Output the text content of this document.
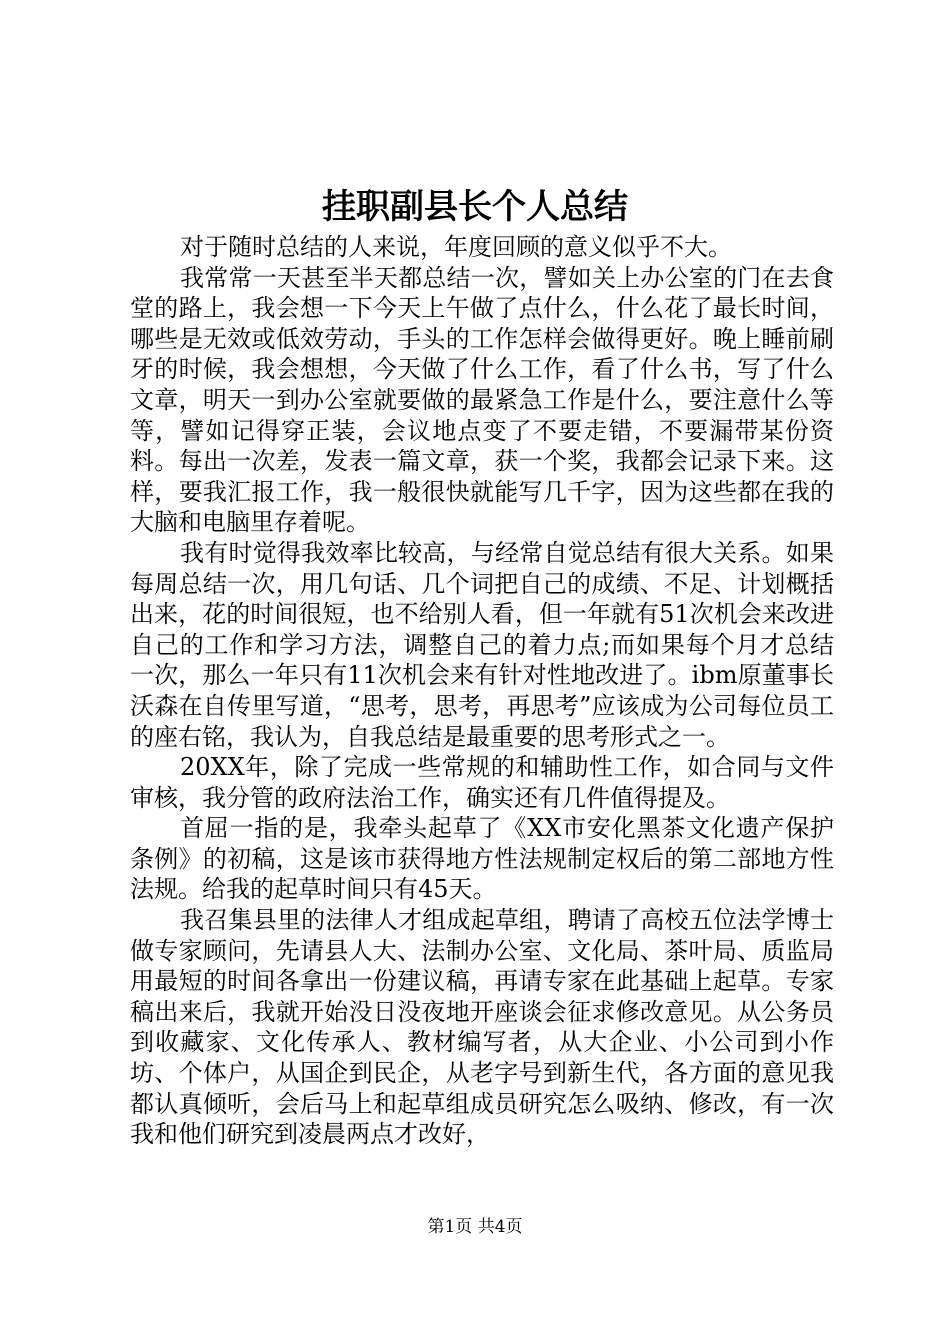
挂职副县长个人总结

对于随时总结的人来说，年度回顾的意义似乎不大。

我常常一天甚至半天都总结一次，譬如关上办公室的门在去食堂的路上，我会想一下今天上午做了点什么，什么花了最长时间，哪些是无效或低效劳动，手头的工作怎样会做得更好。晚上睡前刷牙的时候，我会想想，今天做了什么工作，看了什么书，写了什么文章，明天一到办公室就要做的最紧急工作是什么，要注意什么等等，譬如记得穿正装，会议地点变了不要走错，不要漏带某份资料。每出一次差，发表一篇文章，获一个奖，我都会记录下来。这样，要我汇报工作，我一般很快就能写几千字，因为这些都在我的大脑和电脑里存着呢。

我有时觉得我效率比较高，与经常自觉总结有很大关系。如果每周总结一次，用几句话、几个词把自己的成绩、不足、计划概括出来，花的时间很短，也不给别人看，但一年就有51次机会来改进自己的工作和学习方法，调整自己的着力点;而如果每个月才总结一次，那么一年只有11次机会来有针对性地改进了。ibm原董事长沃森在自传里写道，“思考，思考，再思考”应该成为公司每位员工的座右铭，我认为，自我总结是最重要的思考形式之一。

20XX年，除了完成一些常规的和辅助性工作，如合同与文件审核，我分管的政府法治工作，确实还有几件值得提及。

首屈一指的是，我牵头起草了《XX市安化黑茶文化遗产保护条例》的初稿，这是该市获得地方性法规制定权后的第二部地方性法规。给我的起草时间只有45天。

我召集县里的法律人才组成起草组，聘请了高校五位法学博士做专家顾问，先请县人大、法制办公室、文化局、茶叶局、质监局用最短的时间各拿出一份建议稿，再请专家在此基础上起草。专家稿出来后，我就开始没日没夜地开座谈会征求修改意见。从公务员到收藏家、文化传承人、教材编写者，从大企业、小公司到小作坊、个体户，从国企到民企，从老字号到新生代，各方面的意见我都认真倾听，会后马上和起草组成员研究怎么吸纳、修改，有一次我和他们研究到凌晨两点才改好，

第1页 共4页
